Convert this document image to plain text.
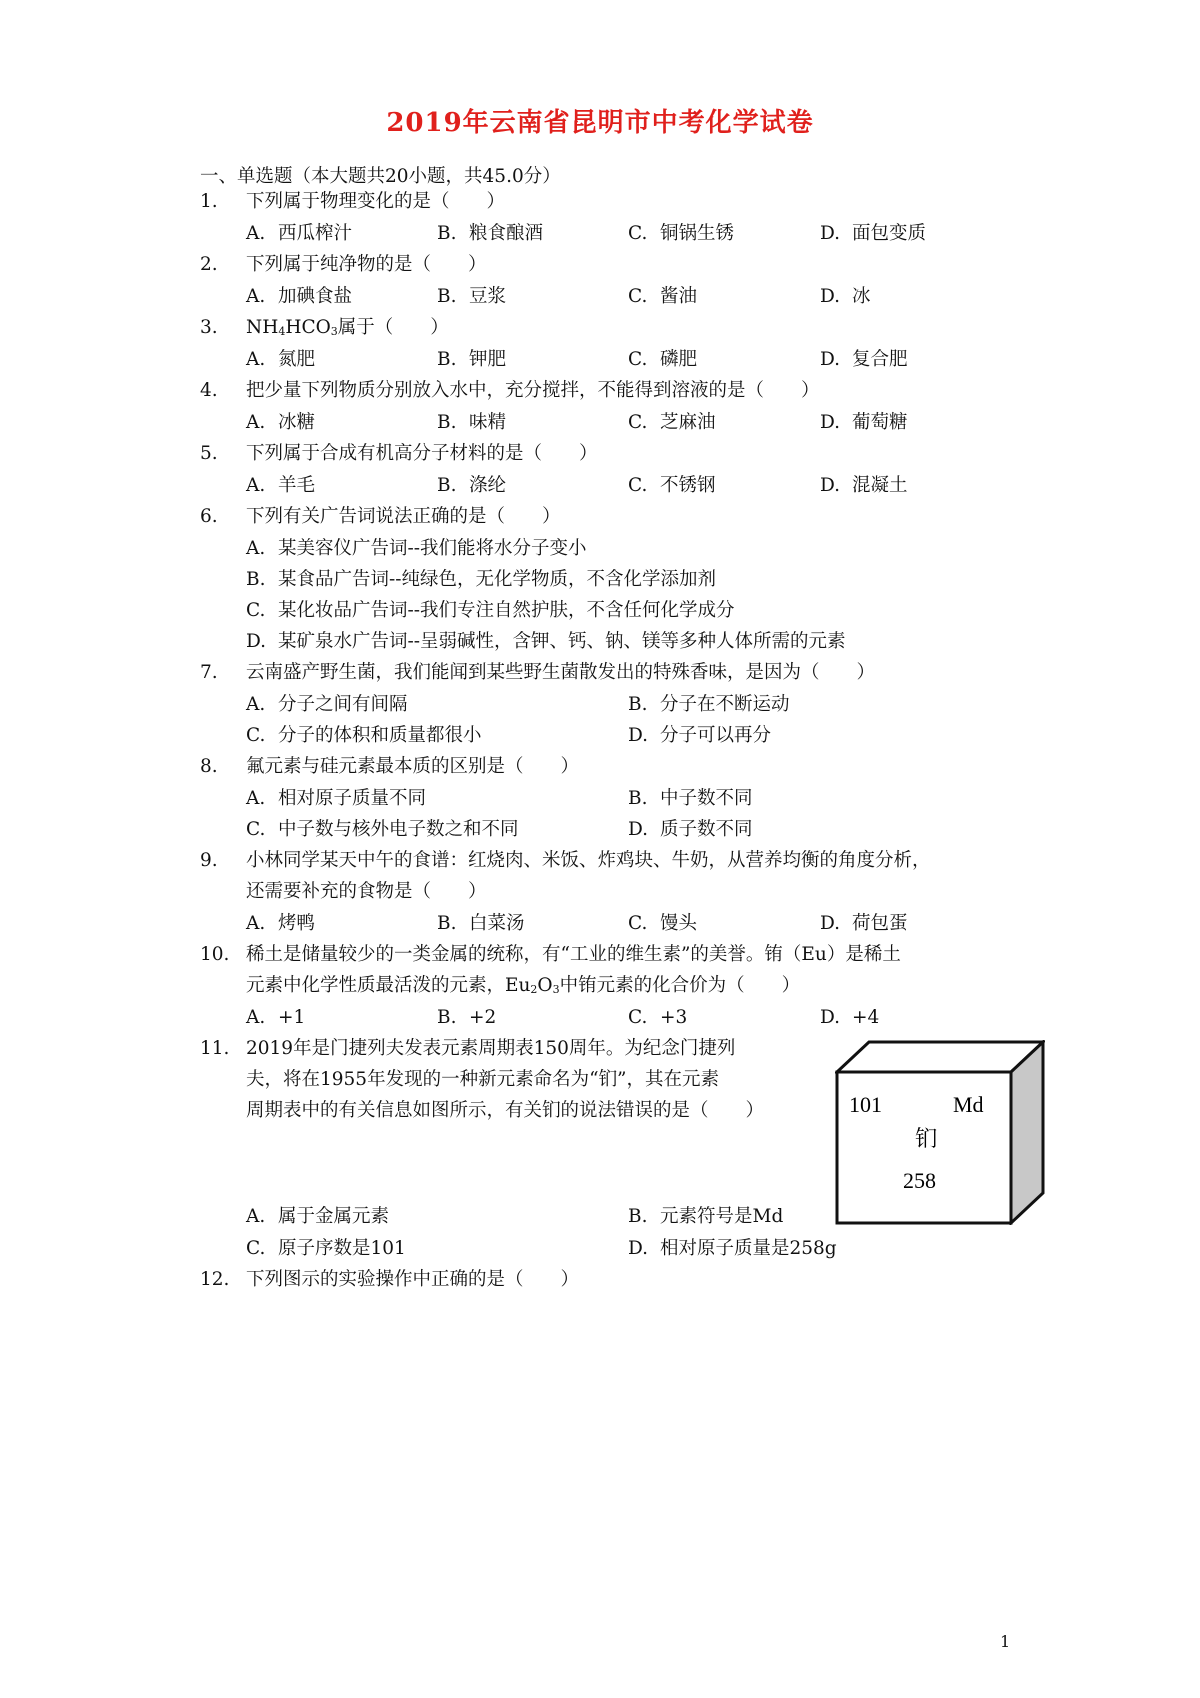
2019年云南省昆明市中考化学试卷
一、单选题（本大题共20小题，共45.0分）
1. 下列属于物理变化的是（　　）
A. 西瓜榨汁	B. 粮食酿酒	C. 铜锅生锈	D. 面包变质
2. 下列属于纯净物的是（　　）
A. 加碘食盐	B. 豆浆	C. 酱油	D. 冰
3. $NH_4HCO_3$属于（　　）
A. 氮肥	B. 钾肥	C. 磷肥	D. 复合肥
4. 把少量下列物质分别放入水中，充分搅拌，不能得到溶液的是（　　）
A. 冰糖	B. 味精	C. 芝麻油	D. 葡萄糖
5. 下列属于合成有机高分子材料的是（　　）
A. 羊毛	B. 涤纶	C. 不锈钢	D. 混凝土
6. 下列有关广告词说法正确的是（　　）
A. 某美容仪广告词--我们能将水分子变小
B. 某食品广告词--纯绿色，无化学物质，不含化学添加剂
C. 某化妆品广告词--我们专注自然护肤，不含任何化学成分
D. 某矿泉水广告词--呈弱碱性，含钾、钙、钠、镁等多种人体所需的元素
7. 云南盛产野生菌，我们能闻到某些野生菌散发出的特殊香味，是因为（　　）
A. 分子之间有间隔	B. 分子在不断运动
C. 分子的体积和质量都很小	D. 分子可以再分
8. 氟元素与硅元素最本质的区别是（　　）
A. 相对原子质量不同	B. 中子数不同
C. 中子数与核外电子数之和不同	D. 质子数不同
9. 小林同学某天中午的食谱：红烧肉、米饭、炸鸡块、牛奶，从营养均衡的角度分析，
还需要补充的食物是（　　）
A. 烤鸭	B. 白菜汤	C. 馒头	D. 荷包蛋
10. 稀土是储量较少的一类金属的统称，有“工业的维生素”的美誉。铕（Eu）是稀土
元素中化学性质最活泼的元素，$Eu_2O_3$中铕元素的化合价为（　　）
A. +1	B. +2	C. +3	D. +4
11. 2019年是门捷列夫发表元素周期表150周年。为纪念门捷列
夫，将在1955年发现的一种新元素命名为“钔”，其在元素
周期表中的有关信息如图所示，有关钔的说法错误的是（　　）	101	Md
钔
258
A. 属于金属元素	B. 元素符号是Md
C. 原子序数是101	D. 相对原子质量是258g
12. 下列图示的实验操作中正确的是（　　）
1
